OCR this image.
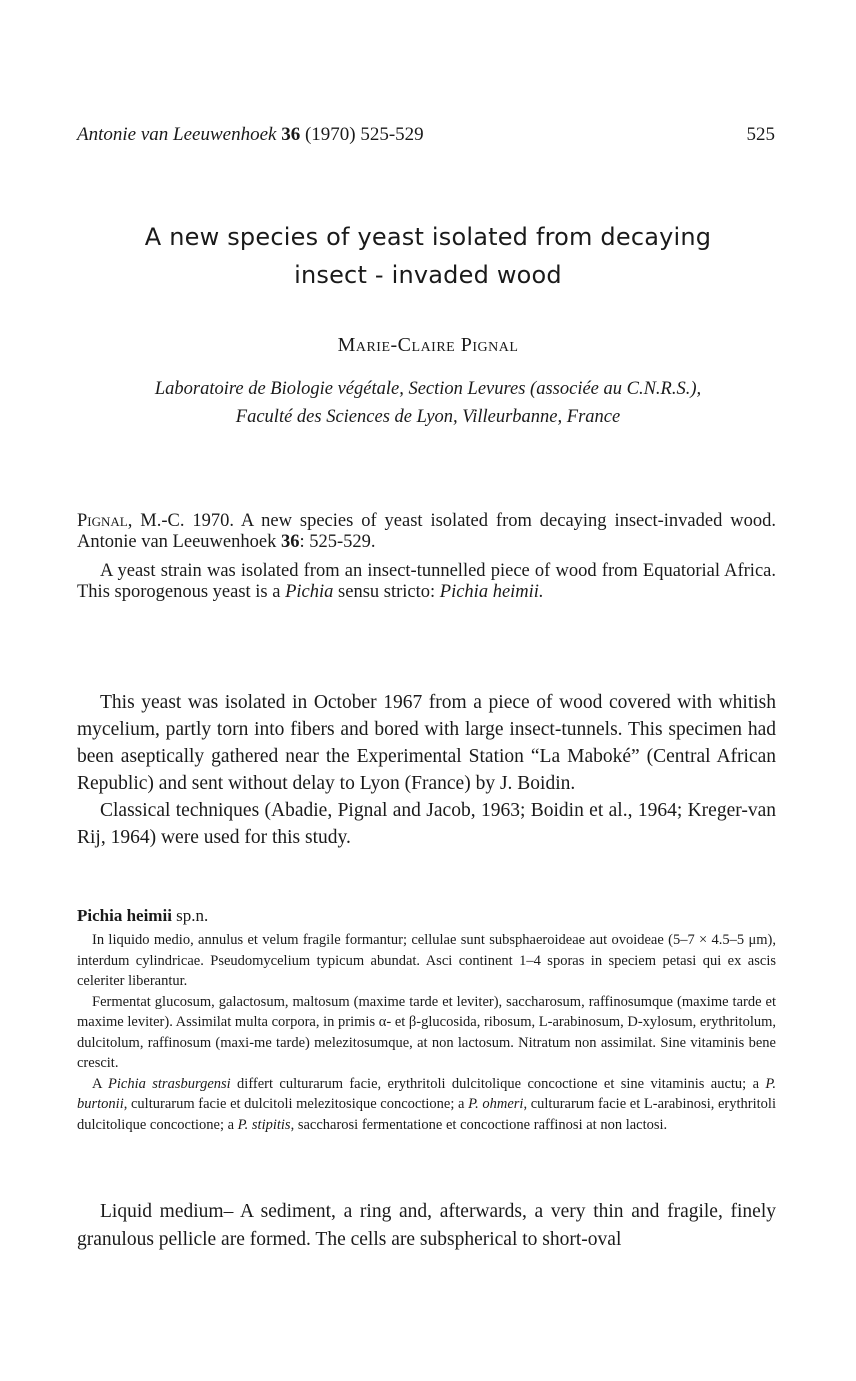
Antonie van Leeuwenhoek 36 (1970) 525-529	525
A new species of yeast isolated from decaying
insect - invaded wood
Marie-Claire Pignal
Laboratoire de Biologie végétale, Section Levures (associée au C.N.R.S.),
Faculté des Sciences de Lyon, Villeurbanne, France

Pignal, M.-C. 1970. A new species of yeast isolated from decaying insect-invaded wood. Antonie van Leeuwenhoek 36: 525-529.

A yeast strain was isolated from an insect-tunnelled piece of wood from Equatorial Africa. This sporogenous yeast is a Pichia sensu stricto: Pichia heimii.

This yeast was isolated in October 1967 from a piece of wood covered with whitish mycelium, partly torn into fibers and bored with large insect-tunnels. This specimen had been aseptically gathered near the Experimental Station “La Maboké” (Central African Republic) and sent without delay to Lyon (France) by J. Boidin.

Classical techniques (Abadie, Pignal and Jacob, 1963; Boidin et al., 1964; Kreger-van Rij, 1964) were used for this study.

Pichia heimii sp.n.

In liquido medio, annulus et velum fragile formantur; cellulae sunt subsphaeroideae aut ovoideae (5–7 × 4.5–5 μm), interdum cylindricae. Pseudomycelium typicum abundat. Asci continent 1–4 sporas in speciem petasi qui ex ascis celeriter liberantur.

Fermentat glucosum, galactosum, maltosum (maxime tarde et leviter), saccharosum, raffinosumque (maxime tarde et maxime leviter). Assimilat multa corpora, in primis α- et β-glucosida, ribosum, L-arabinosum, D-xylosum, erythritolum, dulcitolum, raffinosum (maxi-me tarde) melezitosumque, at non lactosum. Nitratum non assimilat. Sine vitaminis bene crescit.

A Pichia strasburgensi differt culturarum facie, erythritoli dulcitolique concoctione et sine vitaminis auctu; a P. burtonii, culturarum facie et dulcitoli melezitosique concoctione; a P. ohmeri, culturarum facie et L-arabinosi, erythritoli dulcitolique concoctione; a P. stipitis, saccharosi fermentatione et concoctione raffinosi at non lactosi.

Liquid medium– A sediment, a ring and, afterwards, a very thin and fragile, finely granulous pellicle are formed. The cells are subspherical to short-oval
